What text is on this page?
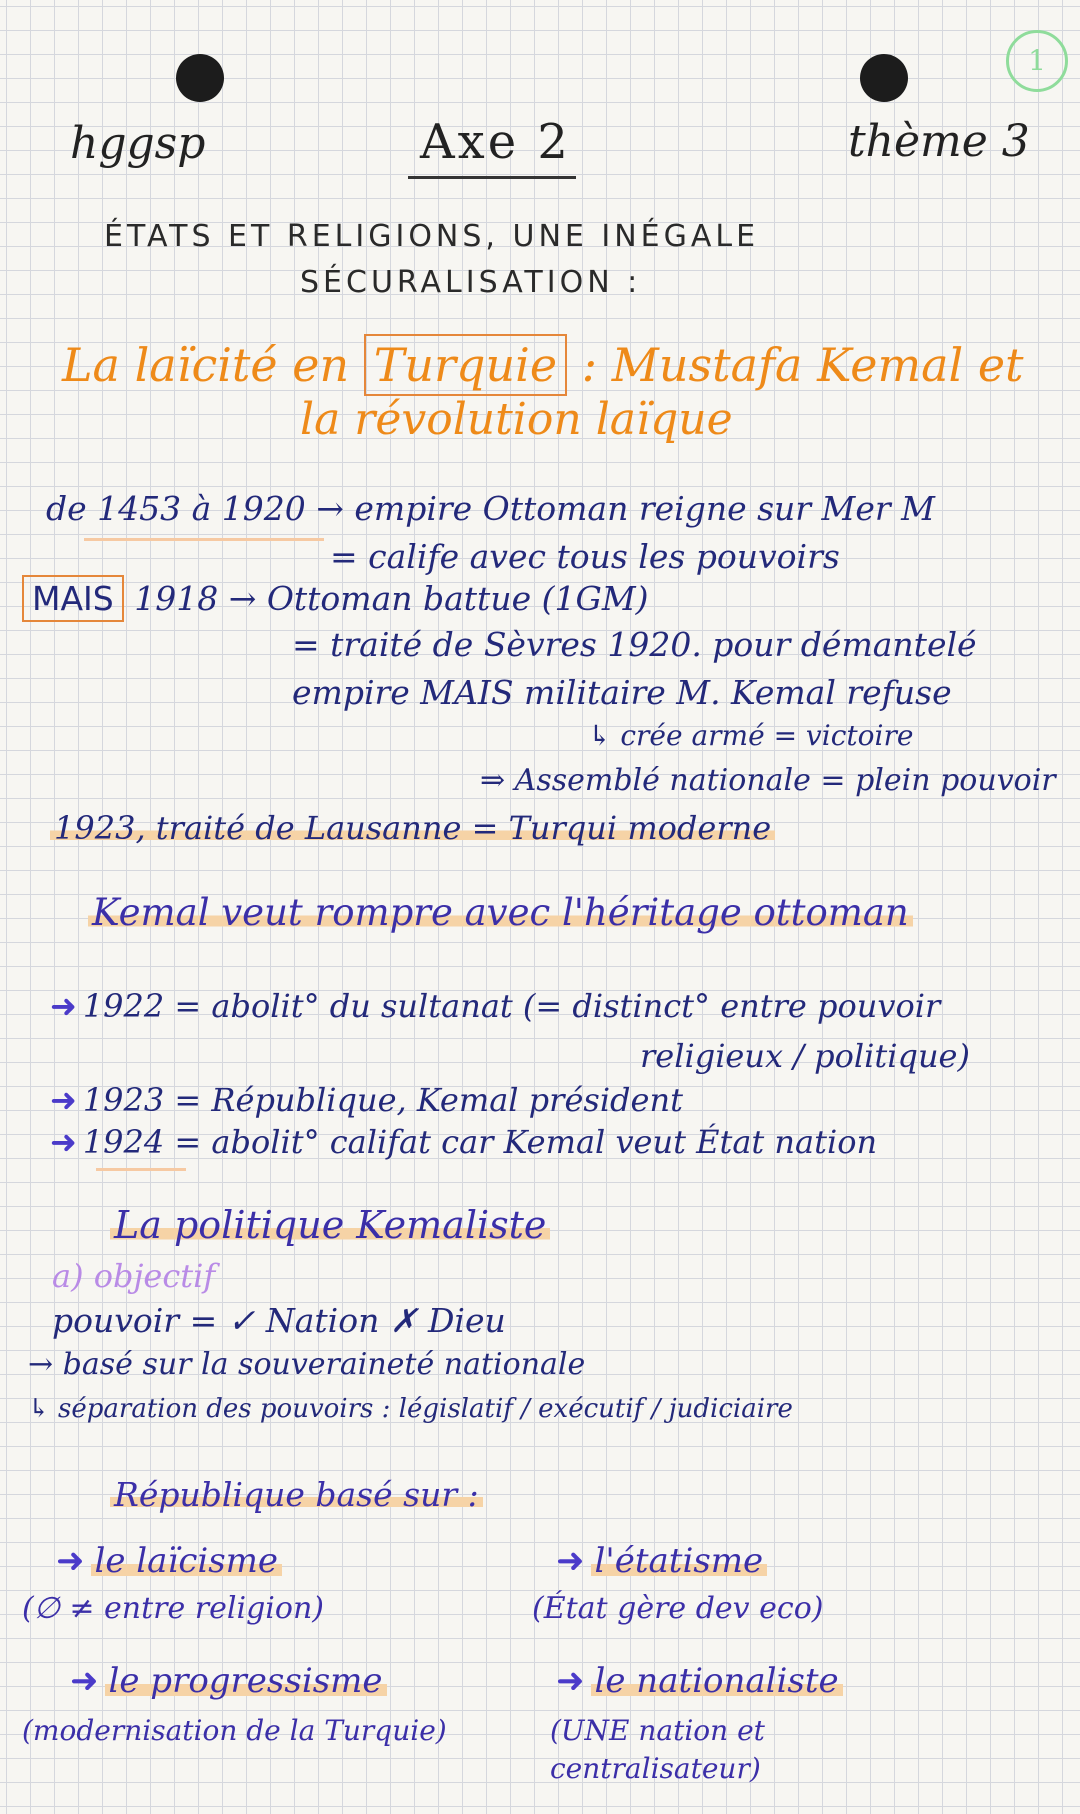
1
hggsp	Axe 2	thème 3
ÉTATS ET RELIGIONS, UNE INÉGALE
SÉCURALISATION :
La laïcité en Turquie : Mustafa Kemal et
la révolution laïque
de 1453 à 1920 → empire Ottoman reigne sur Mer M
= calife avec tous les pouvoirs
MAIS 1918 → Ottoman battue (1GM)
= traité de Sèvres 1920. pour démantelé
empire MAIS militaire M. Kemal refuse
↳ crée armé = victoire
⇒ Assemblé nationale = plein pouvoir
1923, traité de Lausanne = Turqui moderne
Kemal veut rompre avec l'héritage ottoman
➜ 1922 = abolit° du sultanat (= distinct° entre pouvoir
religieux / politique)
➜ 1923 = République, Kemal président
➜ 1924 = abolit° califat car Kemal veut État nation
La politique Kemaliste
a) objectif
pouvoir = ✓ Nation ✗ Dieu
→ basé sur la souveraineté nationale
↳ séparation des pouvoirs : législatif / exécutif / judiciaire
République basé sur :
➜ le laïcisme
(∅ ≠ entre religion)
➜ l'étatisme
(État gère dev eco)
➜ le progressisme
(modernisation de la Turquie)
➜ le nationaliste
(UNE nation et centralisateur)
